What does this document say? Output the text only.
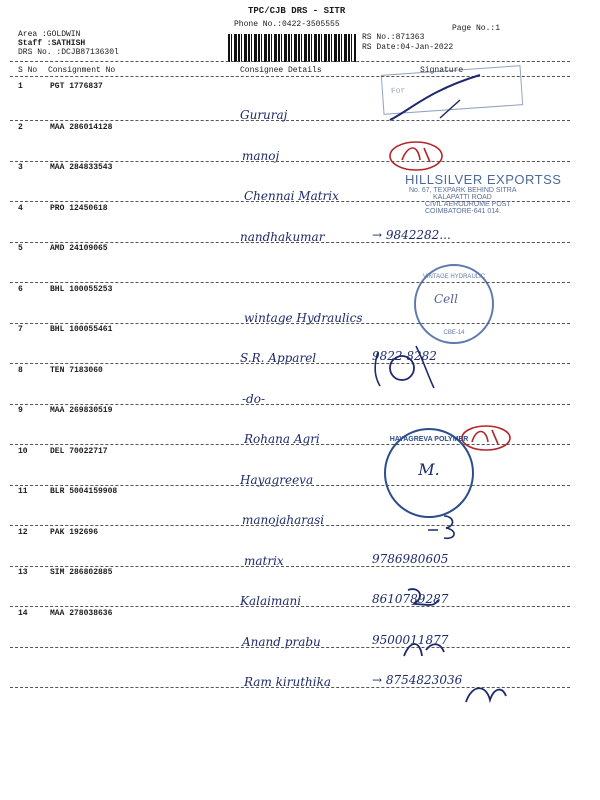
TPC/CJB DRS - SITR
Phone No.:0422-3505555	Page No.:1
Area :GOLDWIN
Staff :SATHISH
DRS No. :DCJB8713630l
RS No.:871363
RS Date:04-Jan-2022
S No Consignment No	Consignee Details	Signature
1	PGT 1776837
Gururaj
2	MAA 286014128
manoj
3	MAA 284833543
Chennai Matrix
4	PRO 12450618
nandhakumar	→ 9842282...
5	AMD 24109065
6	BHL 100055253
wintage Hydraulics
7	BHL 100055461
S.R. Apparel	9822 8282
8	TEN 7183060
-do-
9	MAA 269830519
Rohana Agri
10	DEL 70022717
Hayagreeva
11	BLR 5004159908
manojaharasi
12	PAK 192696
matrix	9786980605
13	SIM 286802885
Kalaimani	8610789287
14	MAA 278038636
Anand prabu	9500011877
Ram kiruthika	→ 8754823036
For
HILLSILVER EXPORTSS
No. 67, TEXPARK BEHIND SITRA
KALAPATTI ROAD
CIVIL AERODROME POST
COIMBATORE-641 014.
VINTAGE HYDRAULIC
Cell
CBE-14
HAYAGREVA POLYMER
M.
